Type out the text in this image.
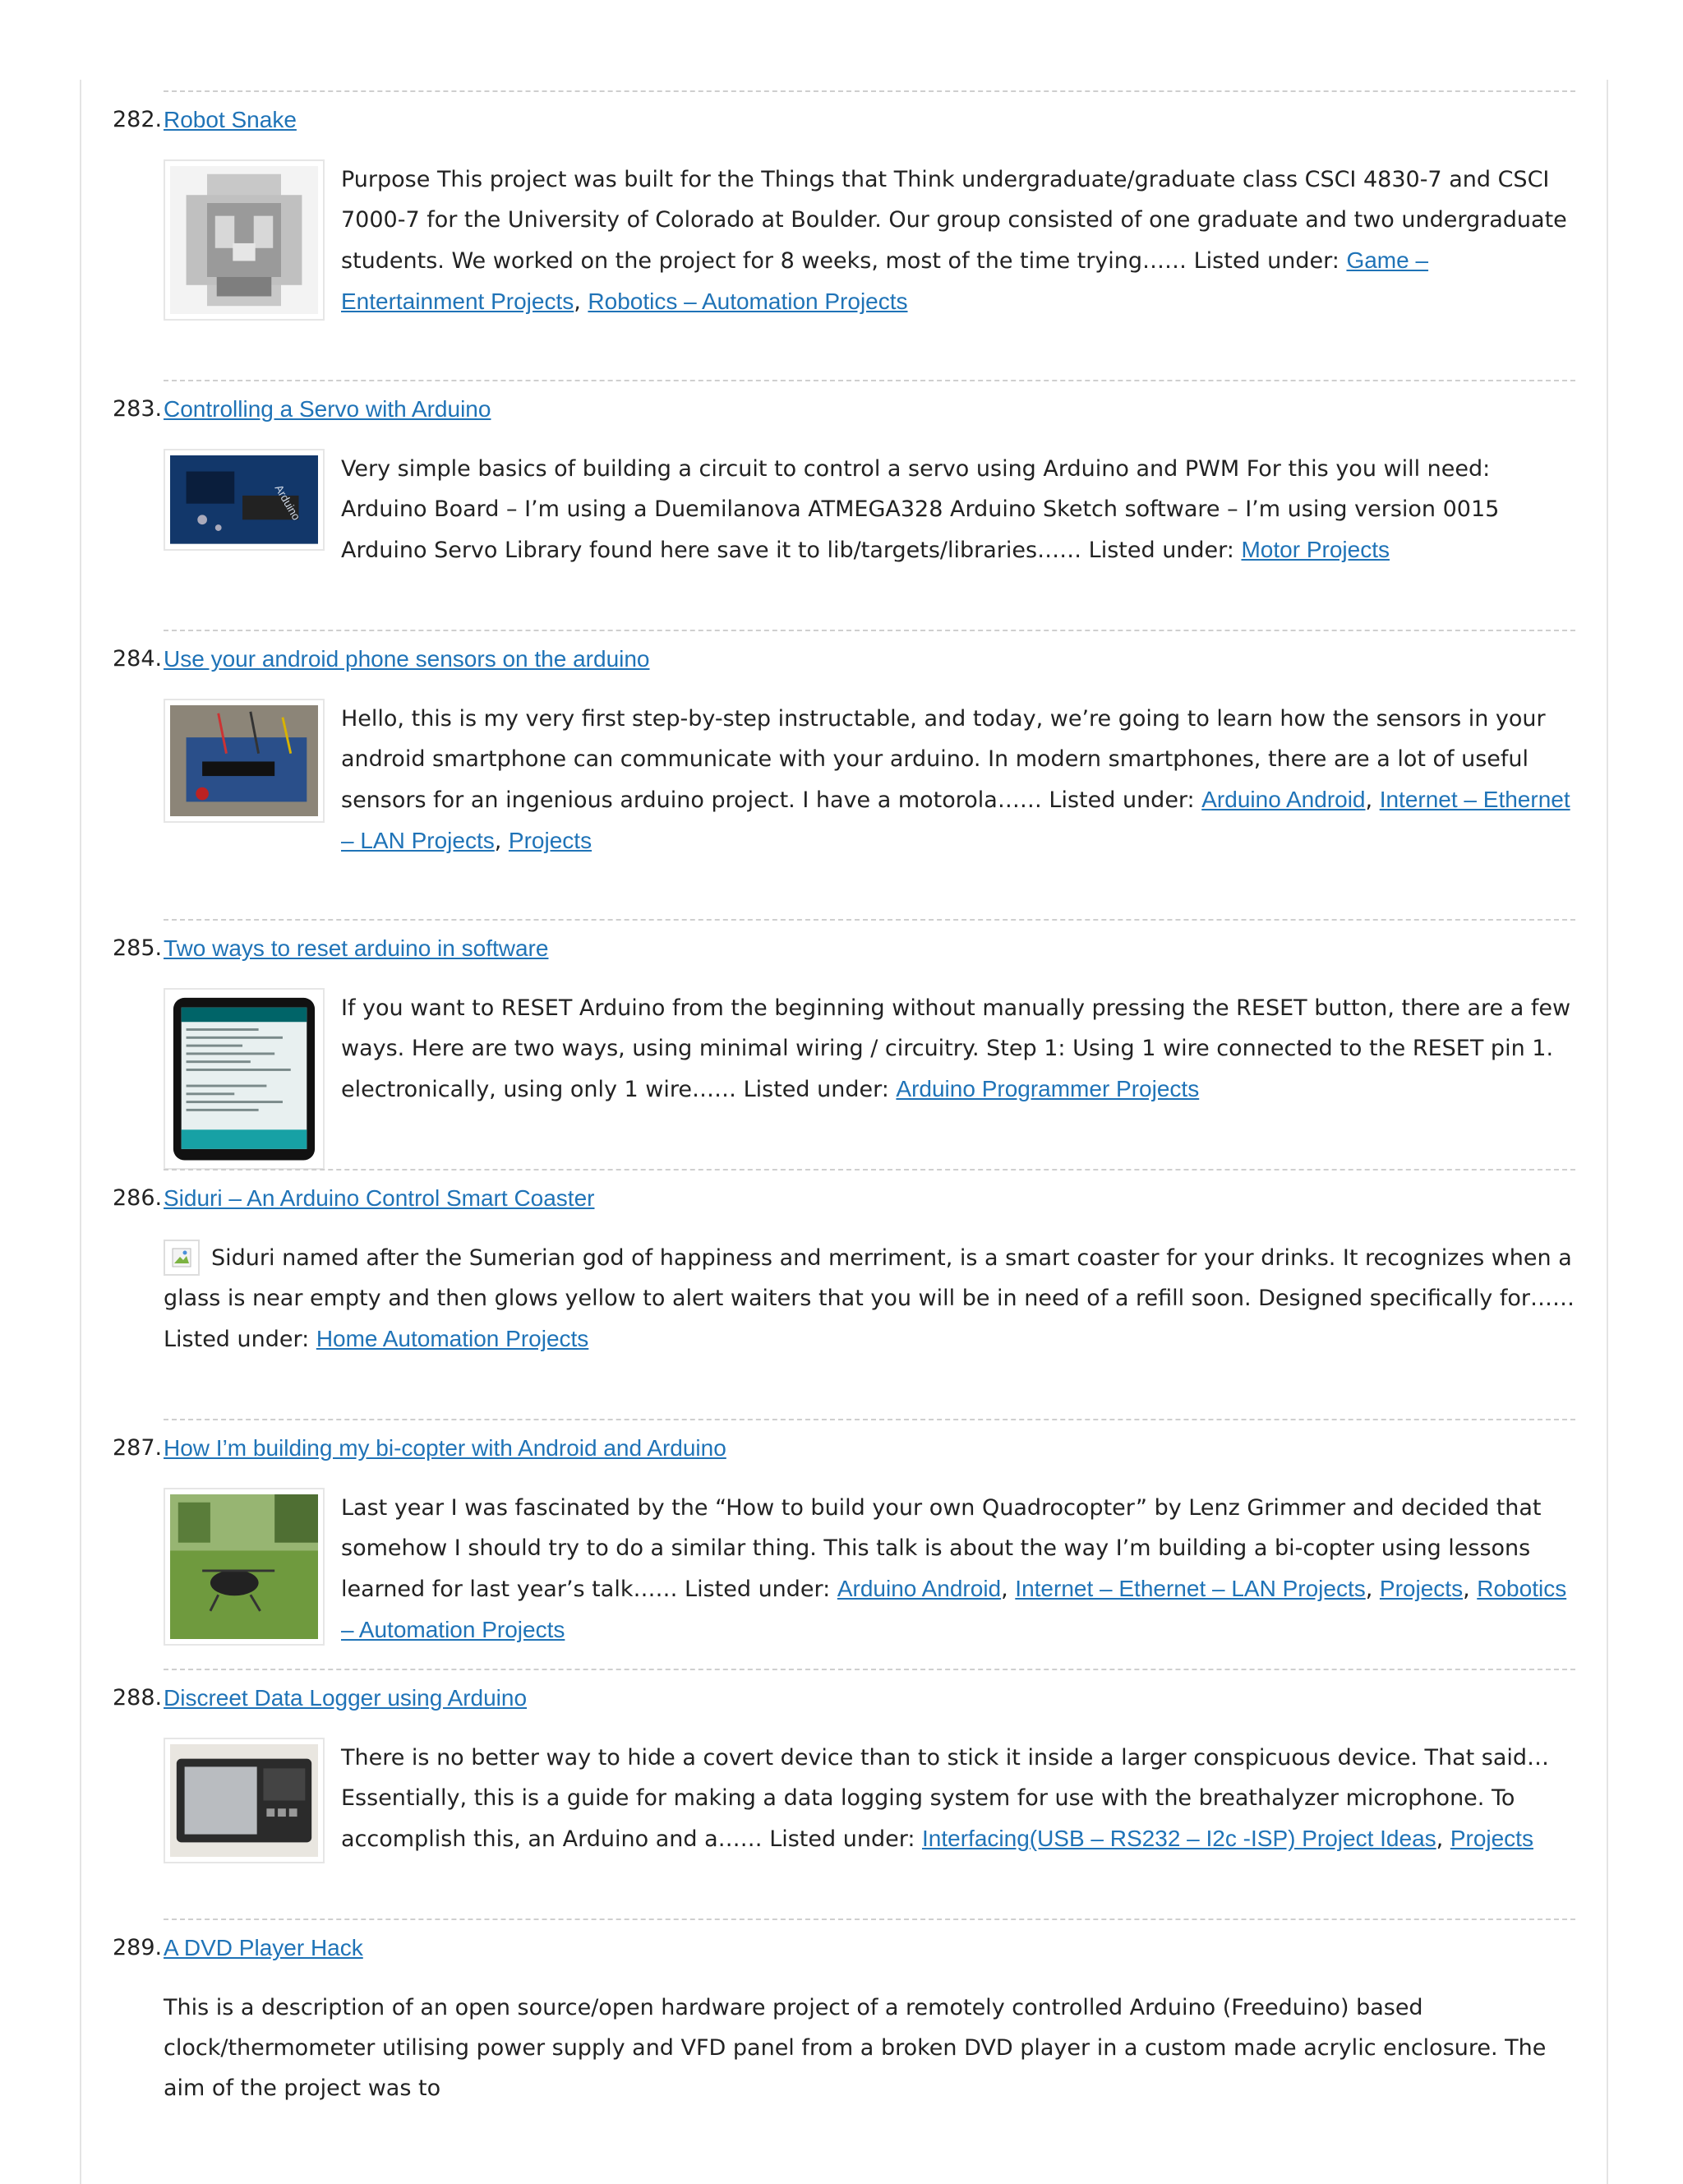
282. Robot Snake
Purpose This project was built for the Things that Think undergraduate/graduate class CSCI 4830-7 and CSCI 7000-7 for the University of Colorado at Boulder. Our group consisted of one graduate and two undergraduate students. We worked on the project for 8 weeks, most of the time trying…… Listed under: Game – Entertainment Projects, Robotics – Automation Projects
283. Controlling a Servo with Arduino
Arduino
Very simple basics of building a circuit to control a servo using Arduino and PWM For this you will need: Arduino Board – I’m using a Duemilanova ATMEGA328 Arduino Sketch software – I’m using version 0015 Arduino Servo Library found here save it to lib/targets/libraries…… Listed under: Motor Projects
284. Use your android phone sensors on the arduino
Hello, this is my very first step-by-step instructable, and today, we’re going to learn how the sensors in your android smartphone can communicate with your arduino. In modern smartphones, there are a lot of useful sensors for an ingenious arduino project. I have a motorola…… Listed under: Arduino Android, Internet – Ethernet – LAN Projects, Projects
285. Two ways to reset arduino in software
If you want to RESET Arduino from the beginning without manually pressing the RESET button, there are a few ways. Here are two ways, using minimal wiring / circuitry. Step 1: Using 1 wire connected to the RESET pin 1. electronically, using only 1 wire…… Listed under: Arduino Programmer Projects
286. Siduri – An Arduino Control Smart Coaster
Siduri named after the Sumerian god of happiness and merriment, is a smart coaster for your drinks. It recognizes when a glass is near empty and then glows yellow to alert waiters that you will be in need of a refill soon. Designed specifically for…… Listed under: Home Automation Projects
287. How I’m building my bi-copter with Android and Arduino
Last year I was fascinated by the “How to build your own Quadrocopter” by Lenz Grimmer and decided that somehow I should try to do a similar thing. This talk is about the way I’m building a bi-copter using lessons learned for last year’s talk…… Listed under: Arduino Android, Internet – Ethernet – LAN Projects, Projects, Robotics – Automation Projects
288. Discreet Data Logger using Arduino
There is no better way to hide a covert device than to stick it inside a larger conspicuous device. That said… Essentially, this is a guide for making a data logging system for use with the breathalyzer microphone. To accomplish this, an Arduino and a…… Listed under: Interfacing(USB – RS232 – I2c -ISP) Project Ideas, Projects
289. A DVD Player Hack
This is a description of an open source/open hardware project of a remotely controlled Arduino (Freeduino) based clock/thermometer utilising power supply and VFD panel from a broken DVD player in a custom made acrylic enclosure. The aim of the project was to
